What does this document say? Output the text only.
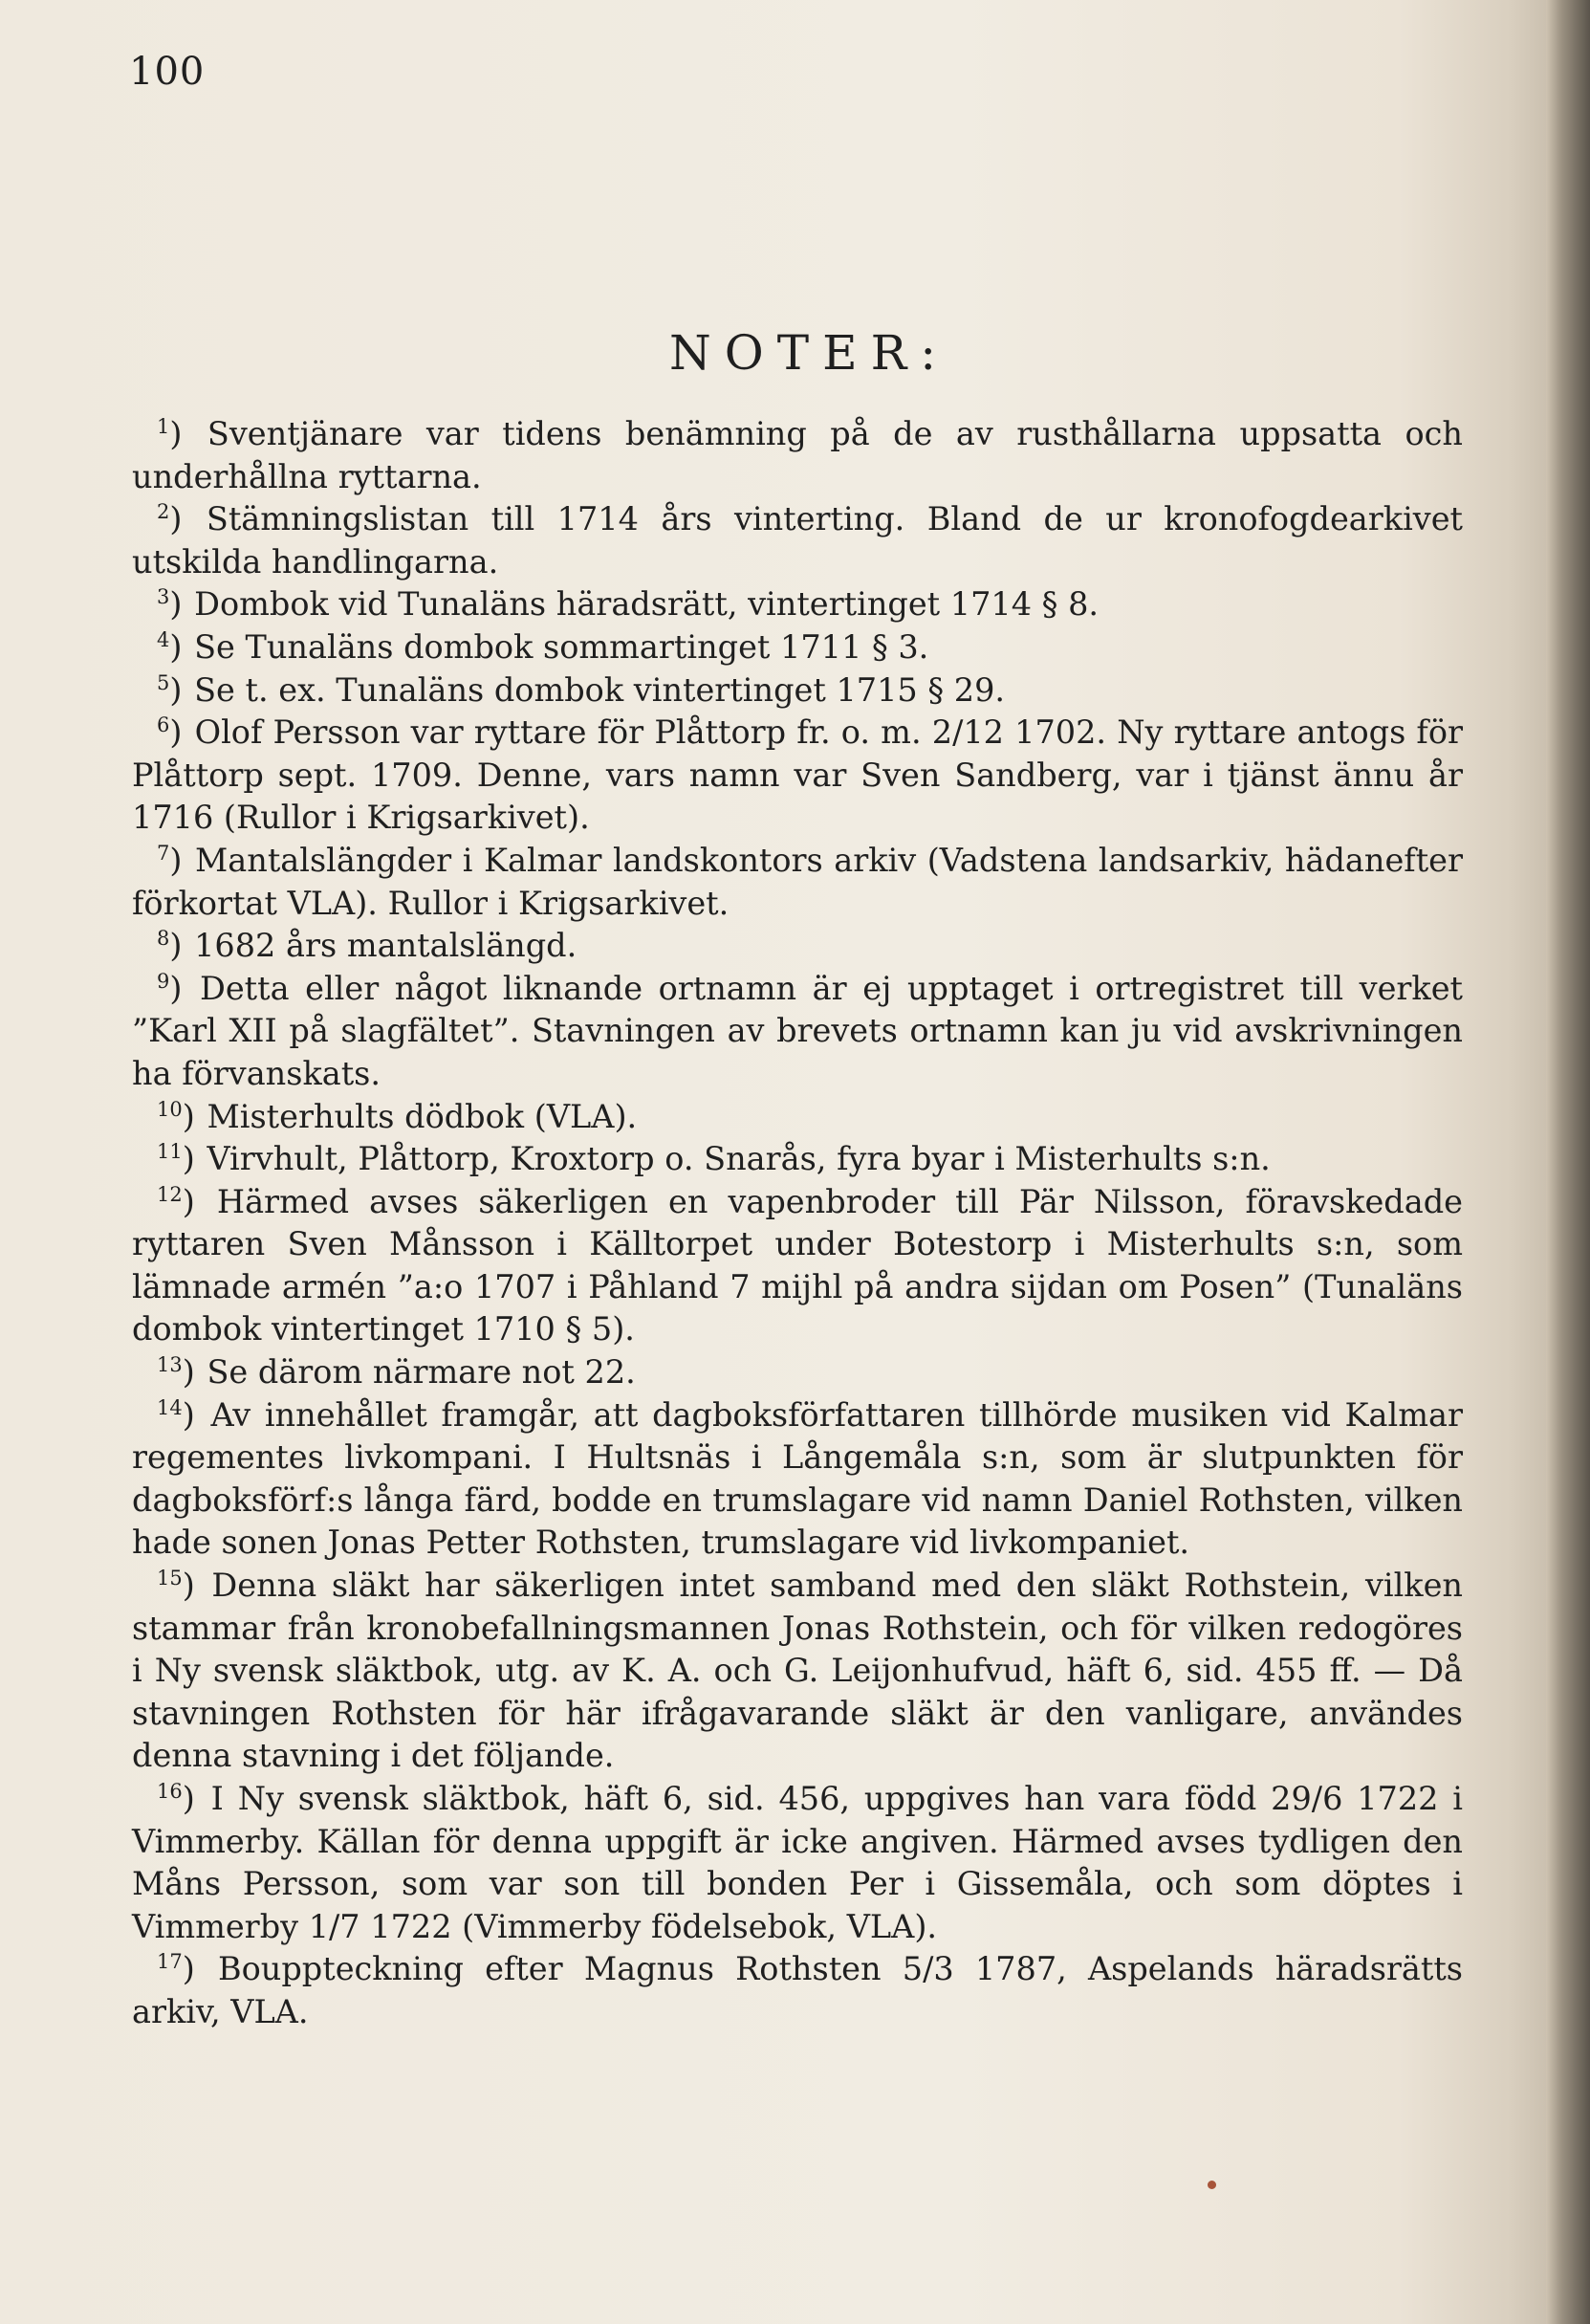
100
NOTER:

$^1$) Sventjänare var tidens benämning på de av rusthållarna uppsatta och underhållna ryttarna.

$^2$) Stämningslistan till 1714 års vinterting. Bland de ur kronofogdearkivet utskilda handlingarna.

$^3$) Dombok vid Tunaläns häradsrätt, vintertinget 1714 § 8.

$^4$) Se Tunaläns dombok sommartinget 1711 § 3.

$^5$) Se t. ex. Tunaläns dombok vintertinget 1715 § 29.

$^6$) Olof Persson var ryttare för Plåttorp fr. o. m. 2/12 1702. Ny ryttare antogs för Plåttorp sept. 1709. Denne, vars namn var Sven Sandberg, var i tjänst ännu år 1716 (Rullor i Krigsarkivet).

$^7$) Mantalslängder i Kalmar landskontors arkiv (Vadstena landsarkiv, hädanefter förkortat VLA). Rullor i Krigsarkivet.

$^8$) 1682 års mantalslängd.

$^9$) Detta eller något liknande ortnamn är ej upptaget i ortregistret till verket ”Karl XII på slagfältet”. Stavningen av brevets ortnamn kan ju vid avskrivningen ha förvanskats.

$^{10}$) Misterhults dödbok (VLA).

$^{11}$) Virvhult, Plåttorp, Kroxtorp o. Snarås, fyra byar i Misterhults s:n.

$^{12}$) Härmed avses säkerligen en vapenbroder till Pär Nilsson, föravskedade ryttaren Sven Månsson i Källtorpet under Botestorp i Misterhults s:n, som lämnade armén ”a:o 1707 i Påhland 7 mijhl på andra sijdan om Posen” (Tunaläns dombok vintertinget 1710 § 5).

$^{13}$) Se därom närmare not 22.

$^{14}$) Av innehållet framgår, att dagboksförfattaren tillhörde musiken vid Kalmar regementes livkompani. I Hultsnäs i Långemåla s:n, som är slutpunkten för dagboksförf:s långa färd, bodde en trumslagare vid namn Daniel Rothsten, vilken hade sonen Jonas Petter Rothsten, trumslagare vid livkompaniet.

$^{15}$) Denna släkt har säkerligen intet samband med den släkt Rothstein, vilken stammar från kronobefallningsmannen Jonas Rothstein, och för vilken redogöres i Ny svensk släktbok, utg. av K. A. och G. Leijonhufvud, häft 6, sid. 455 ff. — Då stavningen Rothsten för här ifrågavarande släkt är den vanligare, användes denna stavning i det följande.

$^{16}$) I Ny svensk släktbok, häft 6, sid. 456, uppgives han vara född 29/6 1722 i Vimmerby. Källan för denna uppgift är icke angiven. Härmed avses tydligen den Måns Persson, som var son till bonden Per i Gissemåla, och som döptes i Vimmerby 1/7 1722 (Vimmerby födelsebok, VLA).

$^{17}$) Bouppteckning efter Magnus Rothsten 5/3 1787, Aspelands häradsrätts arkiv, VLA.
